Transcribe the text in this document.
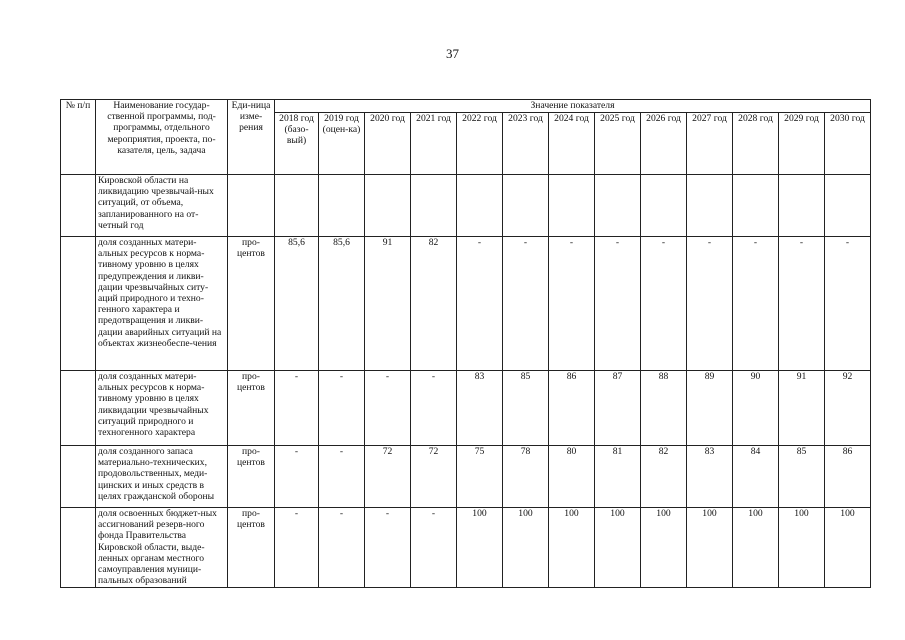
37
№ п/п	Наименование государ-ственной программы, под-программы, отдельного мероприятия, проекта, по-казателя, цель, задача	Еди-ница изме-рения	Значение показателя												
			2018 год (базо-вый)	2019 год (оцен-ка)	2020 год	2021 год	2022 год	2023 год	2024 год	2025 год	2026 год	2027 год	2028 год	2029 год	2030 год
	Кировской области на ликвидацию чрезвычай-ных ситуаций, от объема, запланированного на от-четный год														
	доля созданных матери-альных ресурсов к норма-тивному уровню в целях предупреждения и ликви-дации чрезвычайных ситу-аций природного и техно-генного характера и предотвращения и ликви-дации аварийных ситуаций на объектах жизнеобеспе-чения	про-центов	85,6	85,6	91	82	-	-	-	-	-	-	-	-	-
	доля созданных матери-альных ресурсов к норма-тивному уровню в целях ликвидации чрезвычайных ситуаций природного и техногенного характера	про-центов	-	-	-	-	83	85	86	87	88	89	90	91	92
	доля созданного запаса материально-технических, продовольственных, меди-цинских и иных средств в целях гражданской обороны	про-центов	-	-	72	72	75	78	80	81	82	83	84	85	86
	доля освоенных бюджет-ных ассигнований резерв-ного фонда Правительства Кировской области, выде-ленных органам местного самоуправления муници-пальных образований	про-центов	-	-	-	-	100	100	100	100	100	100	100	100	100
